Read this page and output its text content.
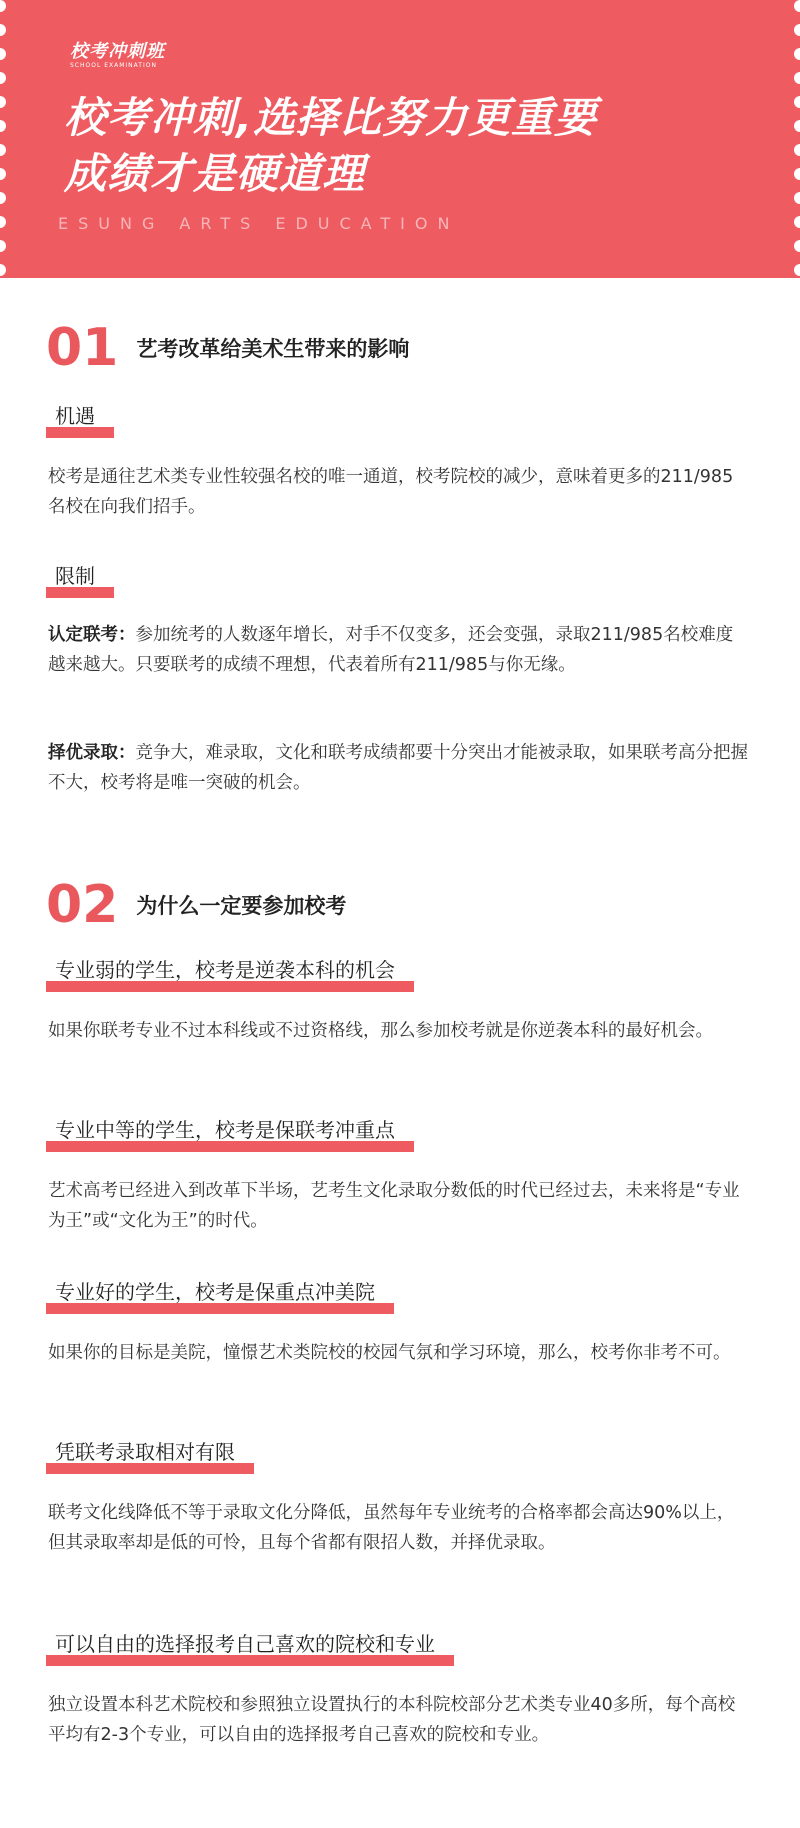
校考冲刺班
SCHOOL EXAMINATION
校考冲刺,选择比努力更重要
成绩才是硬道理
ESUNG ARTS EDUCATION
01 艺考改革给美术生带来的影响
机遇
校考是通往艺术类专业性较强名校的唯一通道，校考院校的减少，意味着更多的211/985名校在向我们招手。
限制
认定联考：参加统考的人数逐年增长，对手不仅变多，还会变强，录取211/985名校难度越来越大。只要联考的成绩不理想，代表着所有211/985与你无缘。
择优录取：竞争大，难录取，文化和联考成绩都要十分突出才能被录取，如果联考高分把握不大，校考将是唯一突破的机会。
02 为什么一定要参加校考
专业弱的学生，校考是逆袭本科的机会
如果你联考专业不过本科线或不过资格线，那么参加校考就是你逆袭本科的最好机会。
专业中等的学生，校考是保联考冲重点
艺术高考已经进入到改革下半场，艺考生文化录取分数低的时代已经过去，未来将是“专业为王”或“文化为王”的时代。
专业好的学生，校考是保重点冲美院
如果你的目标是美院，憧憬艺术类院校的校园气氛和学习环境，那么，校考你非考不可。
凭联考录取相对有限
联考文化线降低不等于录取文化分降低，虽然每年专业统考的合格率都会高达90%以上，但其录取率却是低的可怜，且每个省都有限招人数，并择优录取。
可以自由的选择报考自己喜欢的院校和专业
独立设置本科艺术院校和参照独立设置执行的本科院校部分艺术类专业40多所，每个高校平均有2-3个专业，可以自由的选择报考自己喜欢的院校和专业。
